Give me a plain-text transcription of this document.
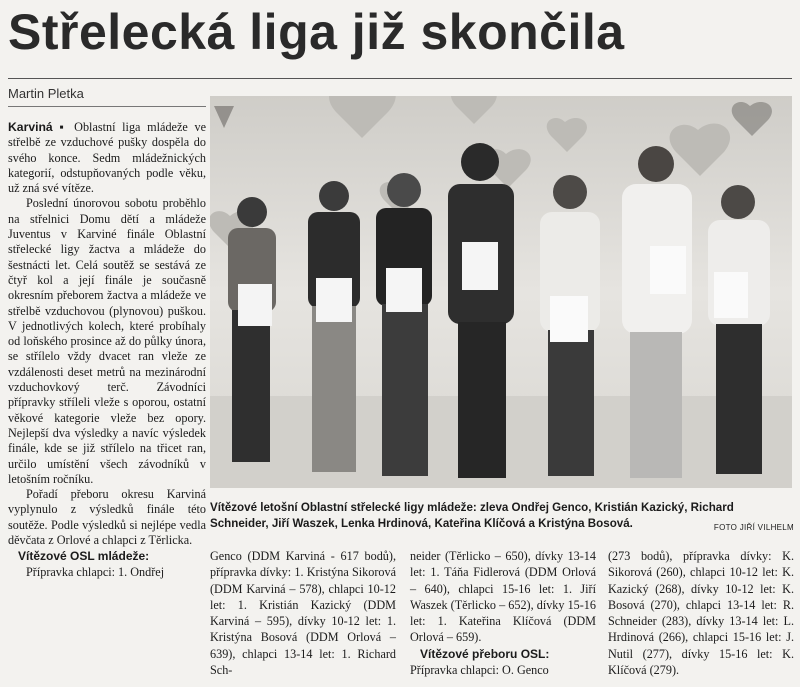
Střelecká liga již skončila
Martin Pletka

Karviná ▪ Oblastní liga mládeže ve střelbě ze vzduchové pušky dospěla do svého konce. Sedm mládežnických kategorií, odstupňovaných podle věku, už zná své vítěze.

Poslední únorovou sobotu proběhlo na střelnici Domu dětí a mládeže Juventus v Karviné finále Oblastní střelecké ligy žactva a mládeže do šestnácti let. Celá soutěž se sestává ze čtyř kol a její finále je současně okresním přeborem žactva a mládeže ve střelbě vzduchovou (plynovou) puškou. V jednotlivých kolech, které probíhaly od loňského prosince až do půlky února, se střílelo vždy dvacet ran vleže ze vzdálenosti deset metrů na mezinárodní vzduchovkový terč. Závodníci přípravky stříleli vleže s oporou, ostatní věkové kategorie vleže bez opory. Nejlepší dva výsledky a navíc výsledek finále, kde se již střílelo na třicet ran, určilo umístění všech závodníků v letošním ročníku.

Pořadí přeboru okresu Karviná vyplynulo z výsledků finále této soutěže. Podle výsledků si nejlépe vedla děvčata z Orlové a chlapci z Těrlicka.

Vítězové OSL mládeže:

Přípravka chlapci: 1. Ondřej

Vítězové letošní Oblastní střelecké ligy mládeže: zleva Ondřej Genco, Kristián Kazický, Richard Schneider, Jiří Waszek, Lenka Hrdinová, Kateřina Klíčová a Kristýna Bosová.	FOTO JIŘÍ VILHELM

Genco (DDM Karviná - 617 bodů), přípravka dívky: 1. Kristýna Sikorová (DDM Karviná – 578), chlapci 10-12 let: 1. Kristián Kazický (DDM Karviná – 595), dívky 10-12 let: 1. Kristýna Bosová (DDM Orlová – 639), chlapci 13-14 let: 1. Richard Sch-

neider (Těrlicko – 650), dívky 13-14 let: 1. Táňa Fidlerová (DDM Orlová – 640), chlapci 15-16 let: 1. Jiří Waszek (Těrlicko – 652), dívky 15-16 let: 1. Kateřina Klíčová (DDM Orlová – 659).

Vítězové přeboru OSL:

Přípravka chlapci: O. Genco

(273 bodů), přípravka dívky: K. Sikorová (260), chlapci 10-12 let: K. Kazický (268), dívky 10-12 let: K. Bosová (270), chlapci 13-14 let: R. Schneider (283), dívky 13-14 let: L. Hrdinová (266), chlapci 15-16 let: J. Nutil (277), dívky 15-16 let: K. Klíčová (279).
